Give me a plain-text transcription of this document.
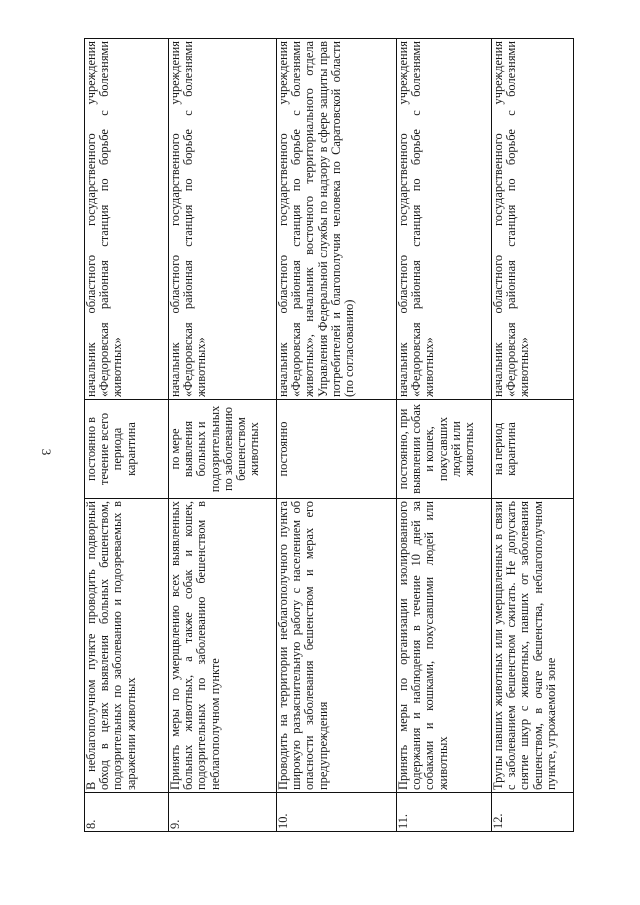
3
8.	В неблагополучном пункте проводить подворный обход в целях выявления больных бешенством, подозрительных по заболеванию и подозреваемых в заражении животных	постоянно в течение всего периода карантина	начальник областного государственного учреждения «Федоровская районная станция по борьбе с болезнями животных»
9.	Принять меры по умерщвлению всех выявленных больных животных, а также собак и кошек, подозрительных по заболеванию бешенством в неблагополучном пункте	по мере выявления больных и подозрительных по заболеванию бешенством животных	начальник областного государственного учреждения «Федоровская районная станция по борьбе с болезнями животных»
10.	Проводить на территории неблагополучного пункта широкую разъяснительную работу с населением об опасности заболевания бешенством и мерах его предупреждения	постоянно	начальник областного государственного учреждения «Федоровская районная станция по борьбе с болезнями животных», начальник восточного территориального отдела Управления Федеральной службы по надзору в сфере защиты прав потребителей и благополучия человека по Саратовской области (по согласованию)
11.	Принять меры по организации изолированного содержания и наблюдения в течение 10 дней за собаками и кошками, покусавшими людей или животных	постоянно, при выявлении собак и кошек, покусавших людей или животных	начальник областного государственного учреждения «Федоровская районная станция по борьбе с болезнями животных»
12.	Трупы павших животных или умерщвленных в связи с заболеванием бешенством сжигать. Не допускать снятие шкур с животных, павших от заболевания бешенством, в очаге бешенства, неблагополучном пункте, угрожаемой зоне	на период карантина	начальник областного государственного учреждения «Федоровская районная станция по борьбе с болезнями животных»
